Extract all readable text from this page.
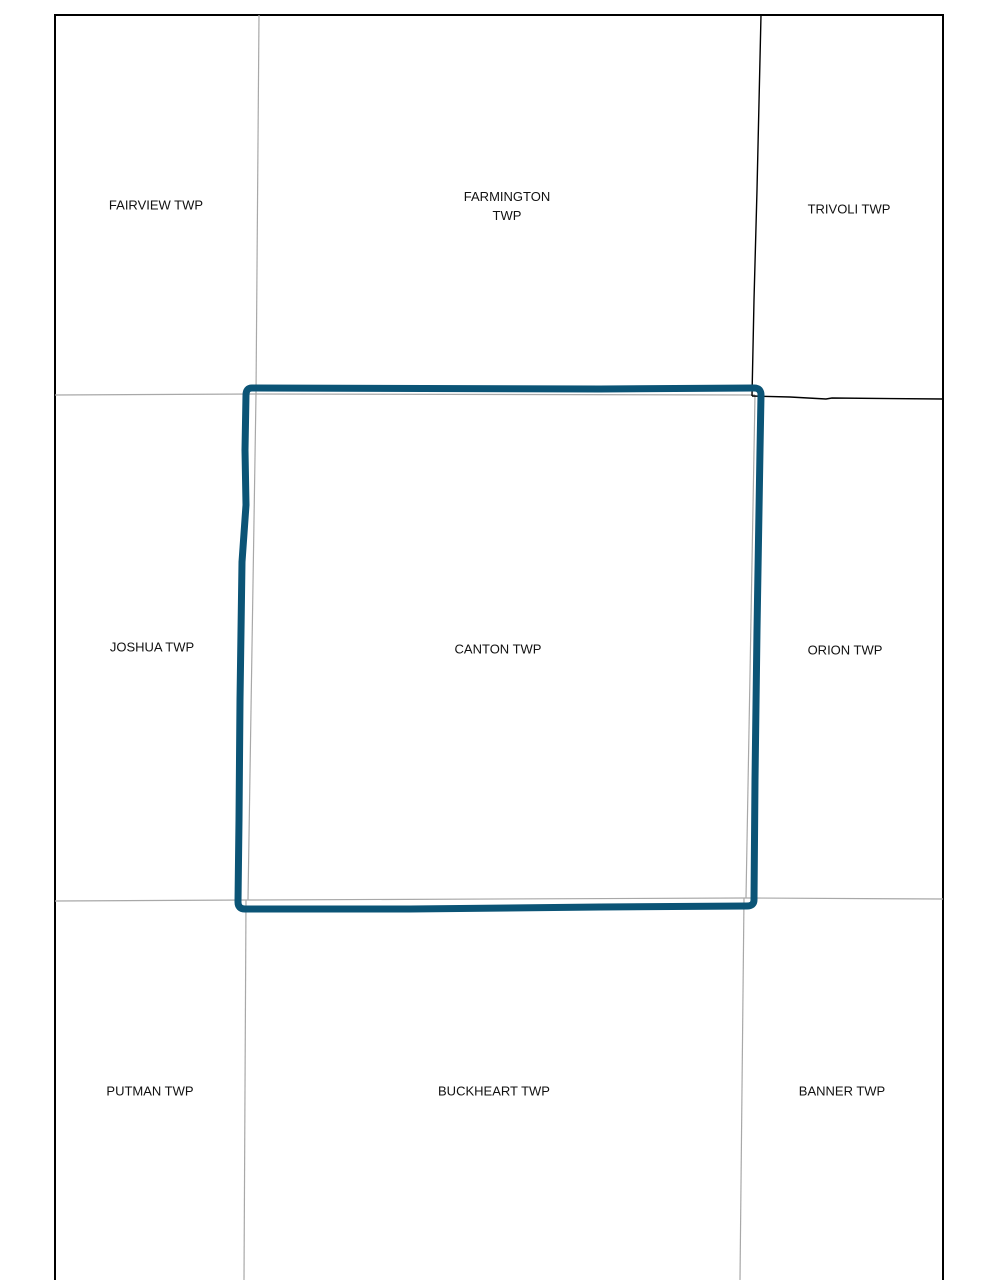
FAIRVIEW TWP
FARMINGTON
TWP	TRIVOLI TWP
JOSHUA TWP	CANTON TWP	ORION TWP
PUTMAN TWP	BUCKHEART TWP	BANNER TWP
